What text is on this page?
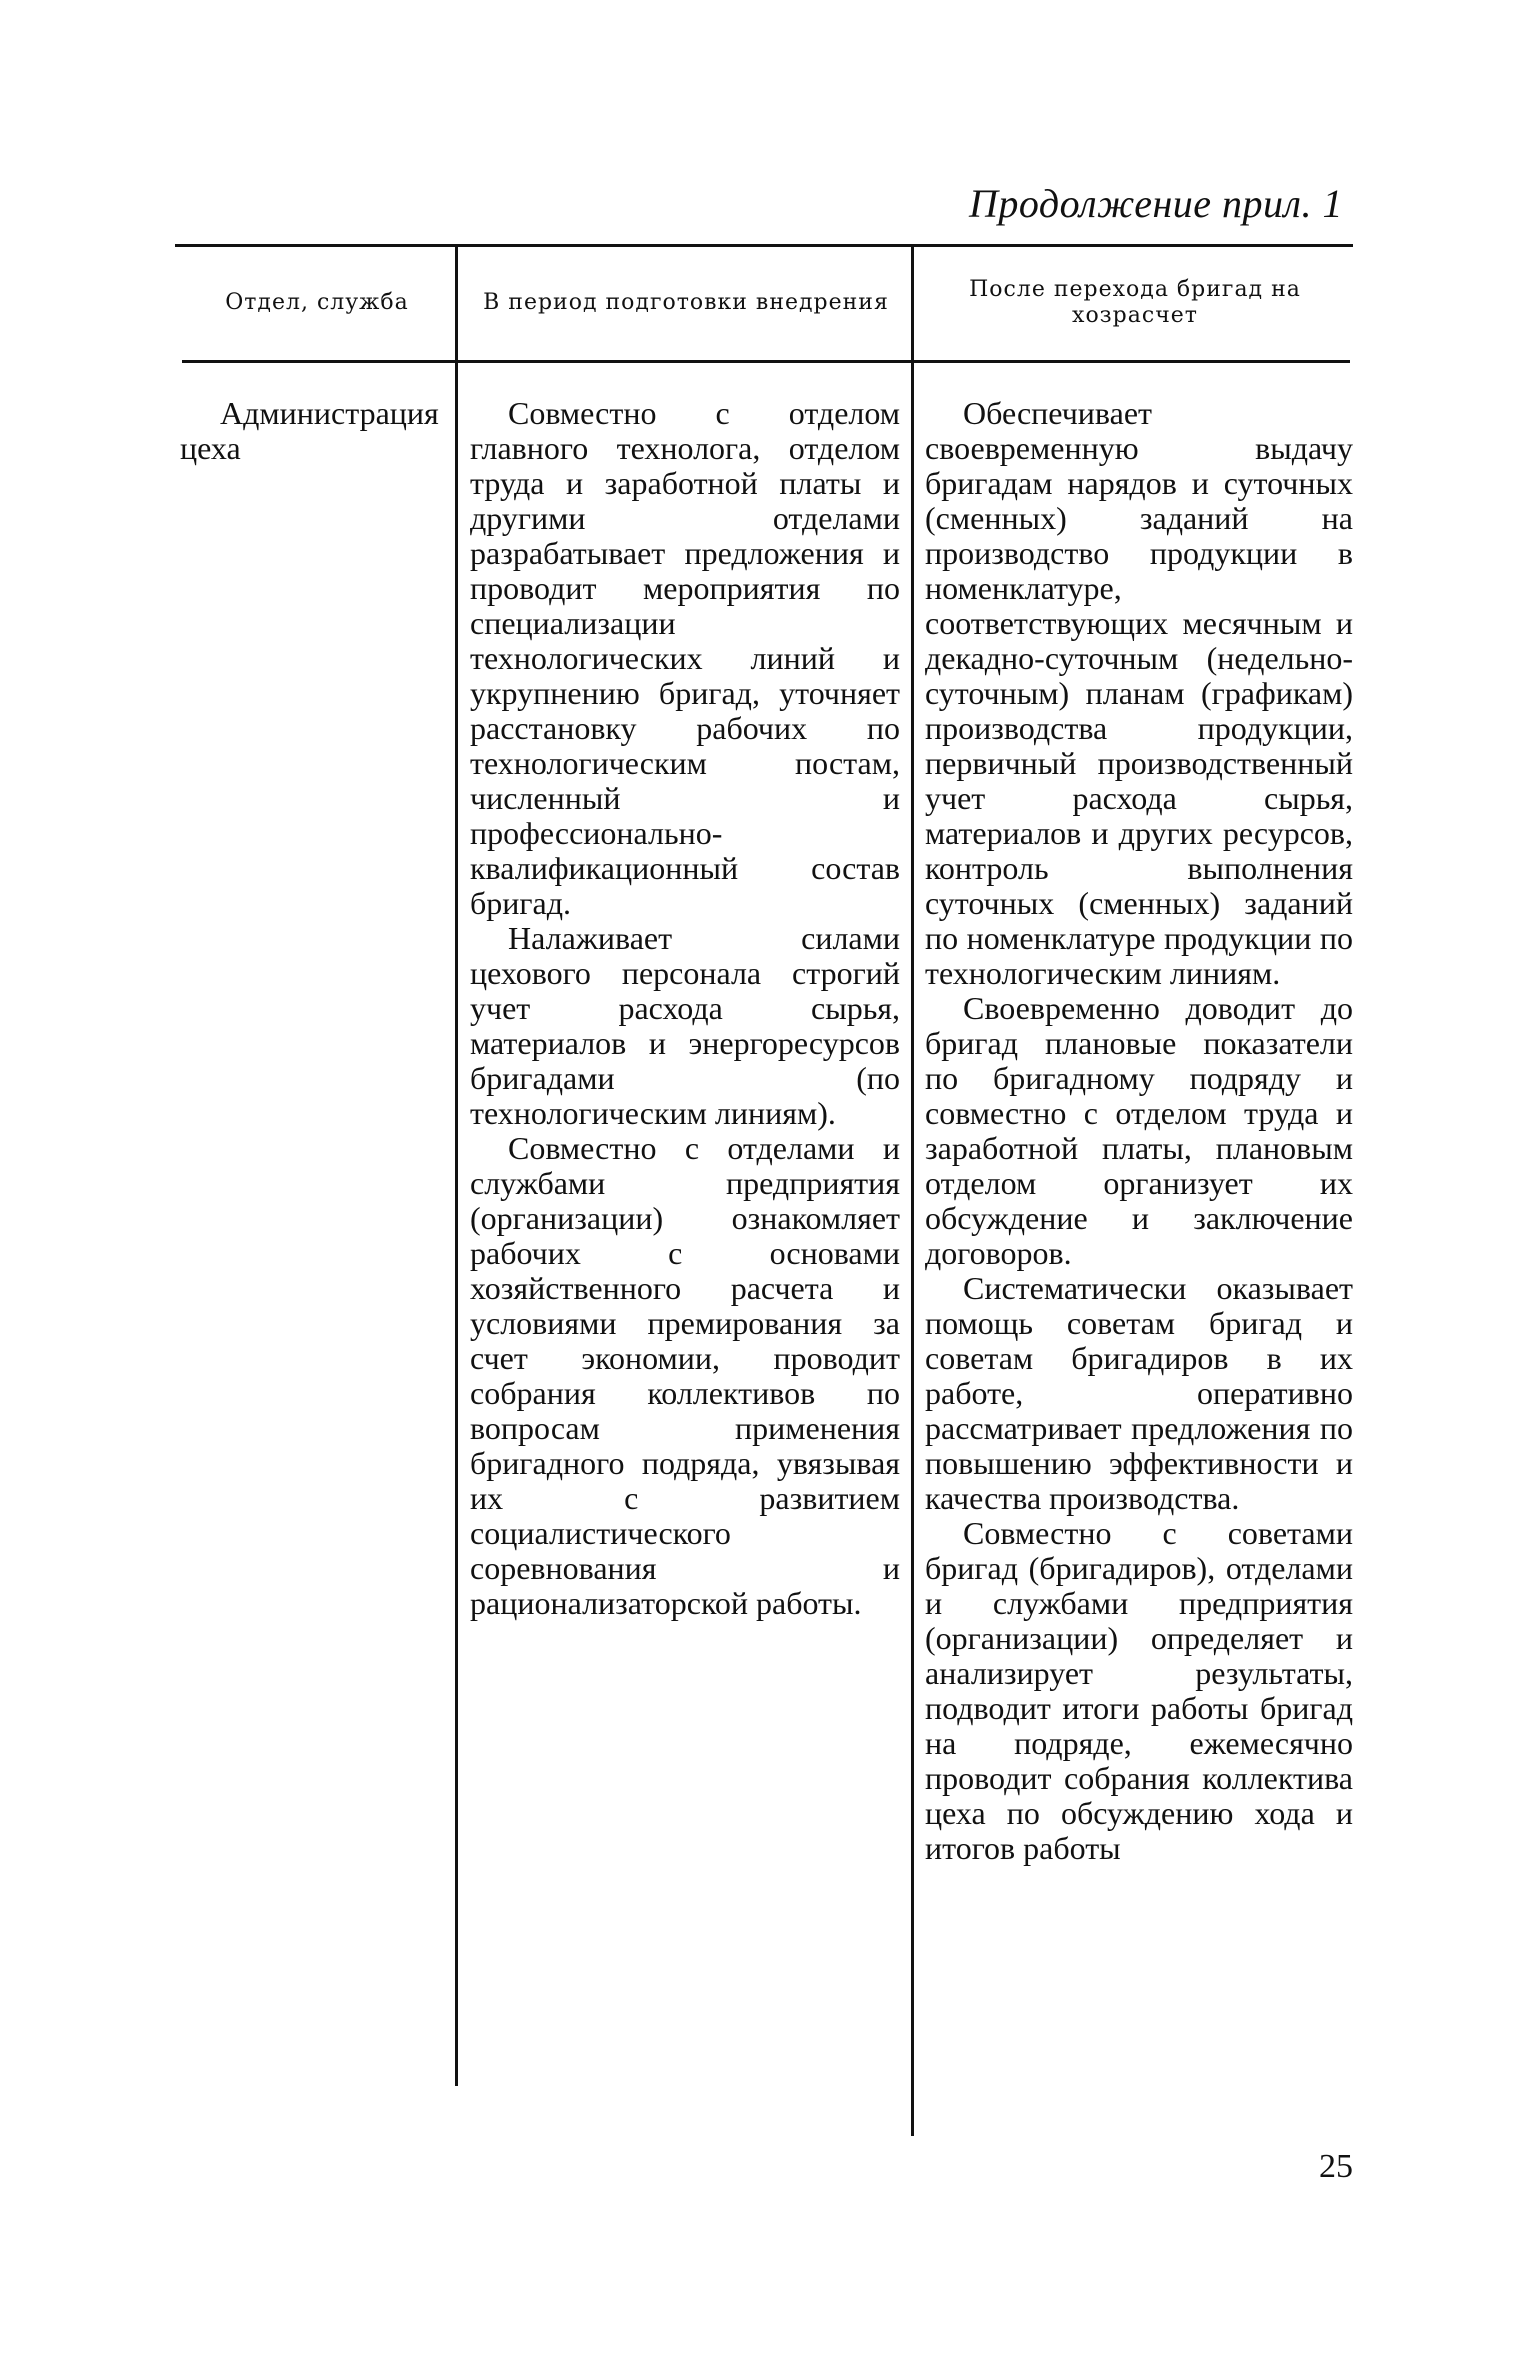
Продолжение прил. 1
Отдел, служба	В период подготовки внедрения
После перехода бригад на хозрасчет

Администрация цеха

Совместно с отделом главного технолога, отделом труда и заработной платы и другими отделами разрабатывает предложения и проводит мероприятия по специализации технологических линий и укрупнению бригад, уточняет расстановку рабочих по технологическим постам, численный и профессионально-квалификационный состав бригад.

Налаживает силами цехового персонала строгий учет расхода сырья, материалов и энергоресурсов бригадами (по технологическим линиям).

Совместно с отделами и службами предприятия (организации) ознакомляет рабочих с основами хозяйственного расчета и условиями премирования за счет экономии, проводит собрания коллективов по вопросам применения бригадного подряда, увязывая их с развитием социалистического соревнования и рационализаторской работы.

Обеспечивает своевременную выдачу бригадам нарядов и суточных (сменных) заданий на производство продукции в номенклатуре, соответствующих месячным и декадно-суточным (недельно-суточным) планам (графикам) производства продукции, первичный производственный учет расхода сырья, материалов и других ресурсов, контроль выполнения суточных (сменных) заданий по номенклатуре продукции по технологическим линиям.

Своевременно доводит до бригад плановые показатели по бригадному подряду и совместно с отделом труда и заработной платы, плановым отделом организует их обсуждение и заключение договоров.

Систематически оказывает помощь советам бригад и советам бригадиров в их работе, оперативно рассматривает предложения по повышению эффективности и качества производства.

Совместно с советами бригад (бригадиров), отделами и службами предприятия (организации) определяет и анализирует результаты, подводит итоги работы бригад на подряде, ежемесячно проводит собрания коллектива цеха по обсуждению хода и итогов работы

25
